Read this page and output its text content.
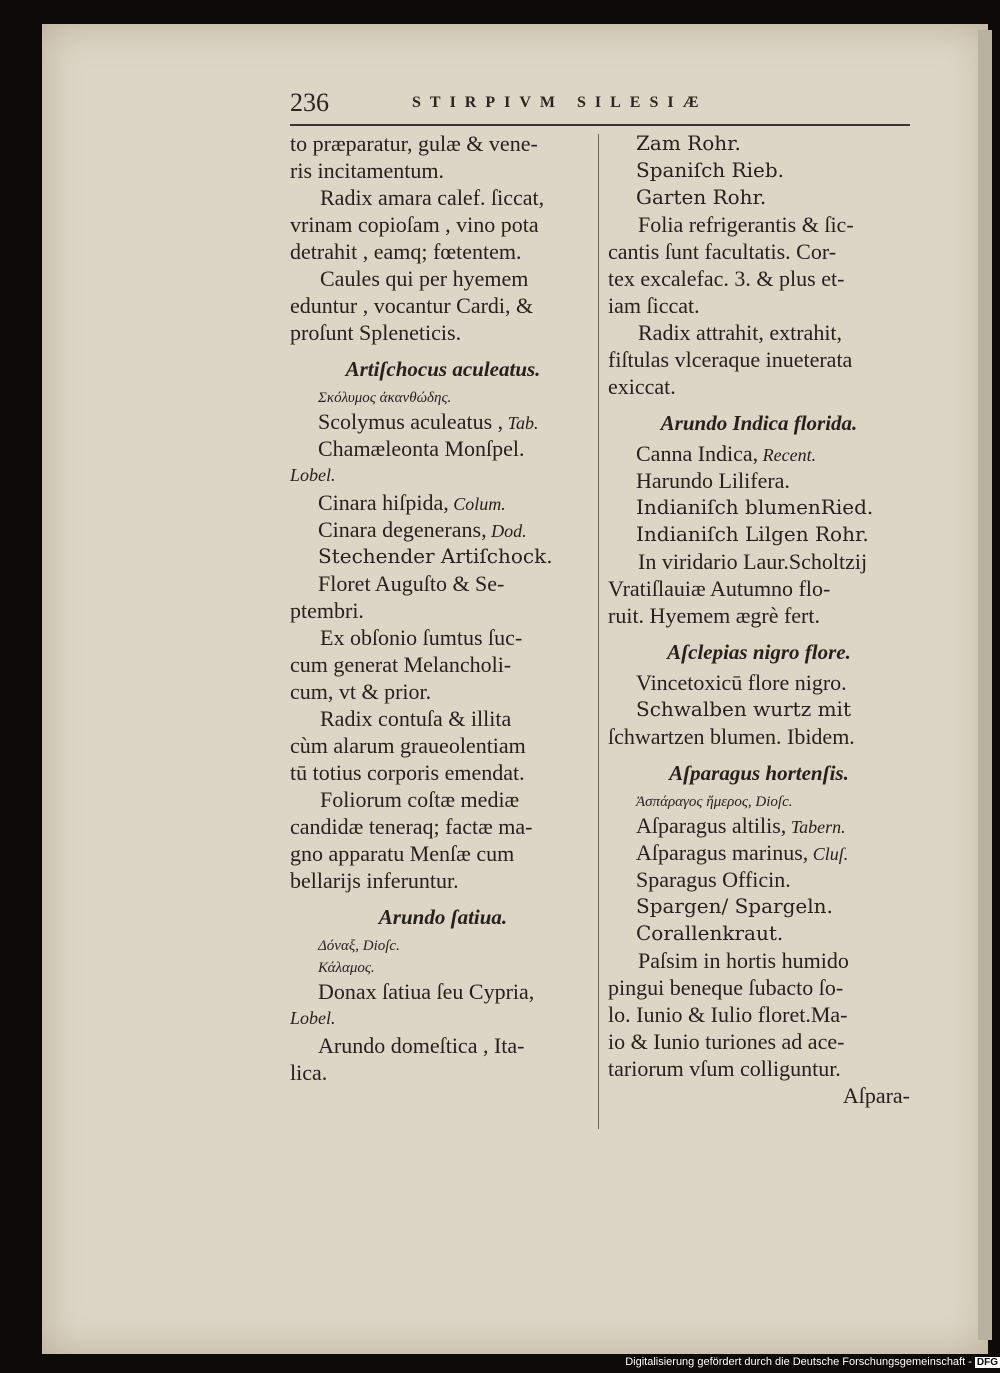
236	STIRPIVM SILESIÆ
to præparatur, gulæ & vene-
ris incitamentum.
Radix amara calef. ſiccat,
vrinam copioſam , vino pota
detrahit , eamq; fœtentem.
Caules qui per hyemem
eduntur , vocantur Cardi, &
proſunt Spleneticis.
Artiſchocus aculeatus.
Σκόλυμος ἀκανθώδης.
Scolymus aculeatus , Tab.
Chamæleonta Monſpel.
Lobel.
Cinara hiſpida, Colum.
Cinara degenerans, Dod.
Stechender Artiſchock.
Floret Auguſto & Se-
ptembri.
Ex obſonio ſumtus ſuc-
cum generat Melancholi-
cum, vt & prior.
Radix contuſa & illita
cùm alarum graueolentiam
tū totius corporis emendat.
Foliorum coſtæ mediæ
candidæ teneraq; factæ ma-
gno apparatu Menſæ cum
bellarijs inferuntur.
Arundo ſatiua.
Δόναξ, Dioſc.
Κάλαμος.
Donax ſatiua ſeu Cypria,
Lobel.
Arundo domeſtica , Ita-
lica.
Zam Rohr.
Spaniſch Rieb.
Garten Rohr.
Folia refrigerantis & ſic-
cantis ſunt facultatis. Cor-
tex excalefac. 3. & plus et-
iam ſiccat.
Radix attrahit, extrahit,
fiſtulas vlceraque inueterata
exiccat.
Arundo Indica florida.
Canna Indica, Recent.
Harundo Lilifera.
Indianiſch blumenRied.
Indianiſch Lilgen Rohr.
In viridario Laur.Scholtzij
Vratiſlauiæ Autumno flo-
ruit. Hyemem ægrè fert.
Aſclepias nigro flore.
Vincetoxicū flore nigro.
Schwalben wurtz mit
ſchwartzen blumen. Ibidem.
Aſparagus hortenſis.
Ἀσπάραγος ἥμερος, Dioſc.
Aſparagus altilis, Tabern.
Aſparagus marinus, Cluſ.
Sparagus Officin.
Spargen/ Spargeln.
Corallenkraut.
Paſsim in hortis humido
pingui beneque ſubacto ſo-
lo. Iunio & Iulio floret.Ma-
io & Iunio turiones ad ace-
tariorum vſum colliguntur.
Aſpara-
Digitalisierung gefördert durch die Deutsche Forschungsgemeinschaft - DFG
